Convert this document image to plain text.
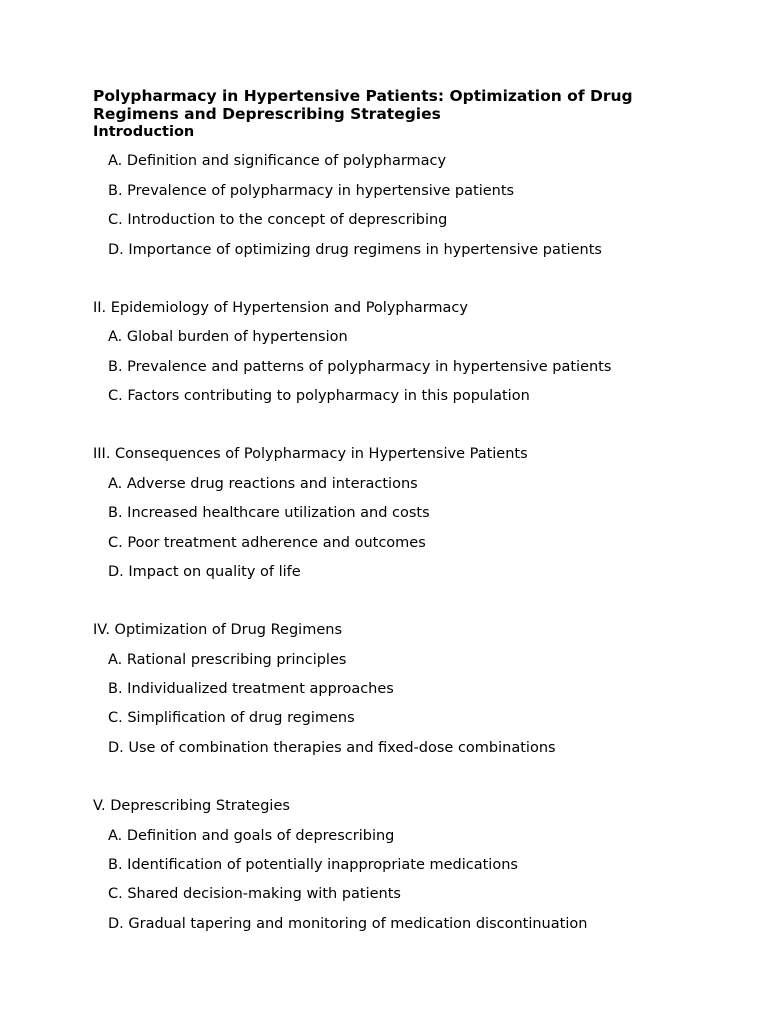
Polypharmacy in Hypertensive Patients: Optimization of Drug Regimens and Deprescribing Strategies
Introduction

A. Definition and significance of polypharmacy

B. Prevalence of polypharmacy in hypertensive patients

C. Introduction to the concept of deprescribing

D. Importance of optimizing drug regimens in hypertensive patients

II. Epidemiology of Hypertension and Polypharmacy

A. Global burden of hypertension

B. Prevalence and patterns of polypharmacy in hypertensive patients

C. Factors contributing to polypharmacy in this population

III. Consequences of Polypharmacy in Hypertensive Patients

A. Adverse drug reactions and interactions

B. Increased healthcare utilization and costs

C. Poor treatment adherence and outcomes

D. Impact on quality of life

IV. Optimization of Drug Regimens

A. Rational prescribing principles

B. Individualized treatment approaches

C. Simplification of drug regimens

D. Use of combination therapies and fixed-dose combinations

V. Deprescribing Strategies

A. Definition and goals of deprescribing

B. Identification of potentially inappropriate medications

C. Shared decision-making with patients

D. Gradual tapering and monitoring of medication discontinuation
